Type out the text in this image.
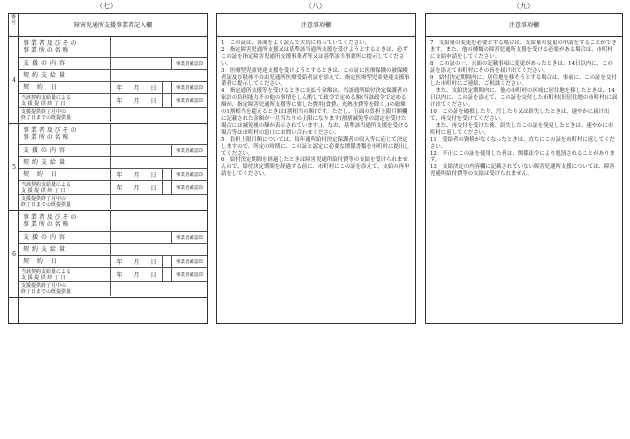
（七）	（八）	（九）
番号	障害児通所支援事業者記入欄
4
事 業 者 及 び そ の
事 業 所 の 名 称
支援の内容	事業者確認印
契約支給量
契 約 日	年 月 日	事業者確認印
当該契約支給量による
支 援 提 供 終 了 日	年 月 日	事業者確認印
支援提供終了月中の
終了日までの既提供量
5
事 業 者 及 び そ の
事 業 所 の 名 称
支援の内容	事業者確認印
契約支給量
契 約 日	年 月 日	事業者確認印
当該契約支給量による
支 援 提 供 終 了 日	年 月 日	事業者確認印
支援提供終了月中の
終了日までの既提供量
6
事 業 者 及 び そ の
事 業 所 の 名 称
支援の内容	事業者確認印
契約支給量
契 約 日	年 月 日	事業者確認印
当該契約支給量による
支 援 提 供 終 了 日	年 月 日	事業者確認印
支援提供終了月中の
終了日までの既提供量
注意事項欄

1　この証は、各面をよく読んで大切に持っていてください。

2　指定障害児通所支援又は基準該当通所支援を受けようとするときは、必ずこの証を指定障害児通所支援事業者等又は基準該当事業所に提示してください。

3　医療型児童発達支援を受けようとするときは、この証に医療保険の被保険者証及び肢体不自由児通所医療受給者証を添えて、指定医療型児童発達支援事業者に提示してください。

4　指定通所支援等を受けるときに支払う金額は、当該通所給付決定保護者の家計の負担能力その他の事情をしん酌して政令で定める額(当該政令で定める額が、指定障害児通所支援等に要した費用(食費、光熱水費等を除く。)の総額の1割相当を超えるときは1割相当の額)です。ただし、五面の負担上限月額欄に記載された金額が一月当たりの上限になります(割割減免等の認定を受けた場合には減免後の額が表示されています。)。なお、基準該当通所支援を受ける場合等は市町村の窓口にお問い合わせください。

5　負担上限月額については、毎年通所給付決定保護者の収入等に応じて決定しますので、所定の時期に、この証と認定に必要な関係書類を市町村に提出してください。

6　給付決定期間を経過したときは障害児通所給付費等の支給を受けられませんので、給付決定期間を経過する前に、市町村にこの証を添えて、支給の再申請をしてください。

注意事項欄

7　支給量の変更を必要とする場合は、支給量の変更の申請をすることができます。また、他の種類の障害児通所支援を受ける必要がある場合は、市町村に支給申請をしてください。

8　この証の一、五面の記載事項に変更があったときは、14日以内に、この証を添えて市町村にその旨を届け出てください。

9　給付決定期間内に、居住地を移そうとする場合は、事前に、この証を交付した市町村にご連絡、ご相談ください。

　また、支給決定期間内に、他の市町村の区域に居住地を移したときは、14日以内に、この証を添えて、この証を交付した市町村(旧居住地の市町村)に届け出てください。

10　この証を破損したり、汚したり又は紛失したときは、速やかに届け出て、再交付を受けてください。

　また、再交付を受けた後、紛失したこの証を発見したときは、速やかに市町村に返してください。

11　受給者の資格がなくなったときは、直ちにこの証を市町村に返してください。

12　不正にこの証を使用した者は、関係法令により処罰されることがあります。

13　支給決定の内容欄に記載されていない障害児通所支援については、障害児通所給付費等の支給は受けられません。
